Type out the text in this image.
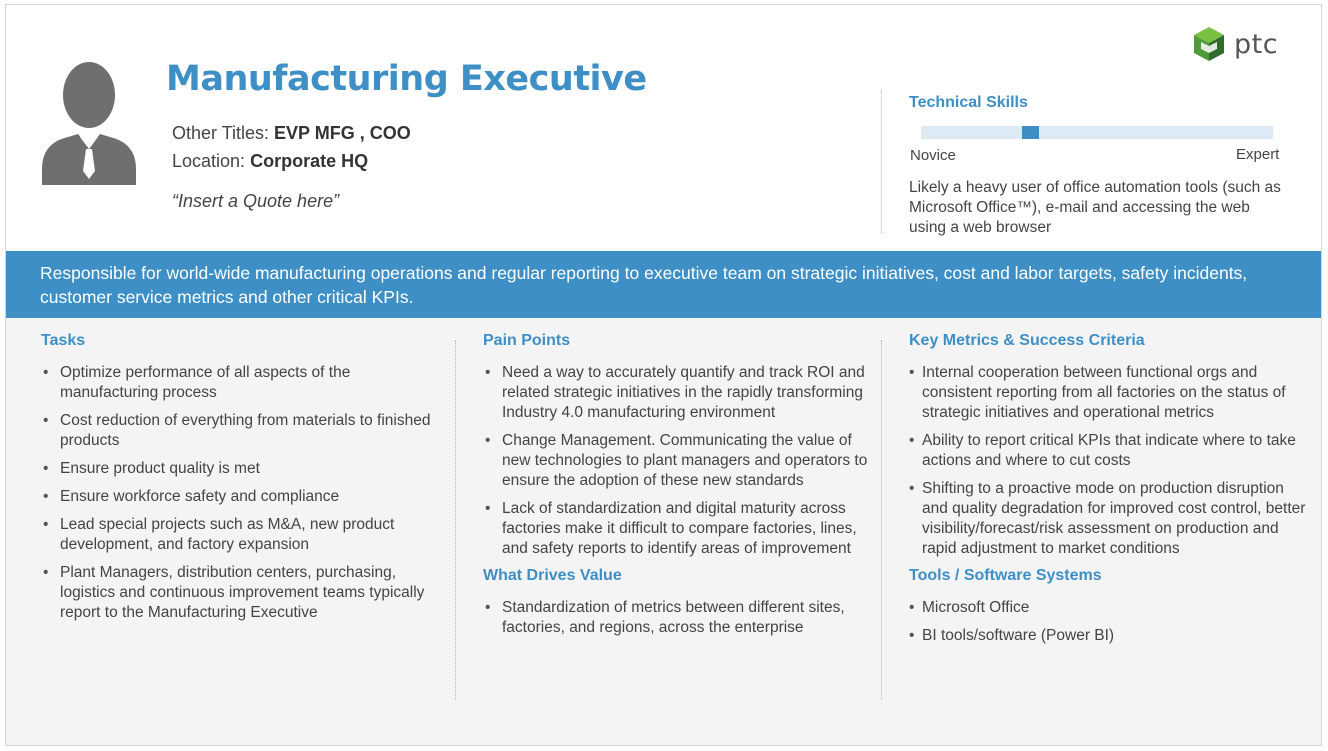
Manufacturing Executive
Other Titles: EVP MFG , COO
Location: Corporate HQ
“Insert a Quote here”
ptc
Technical Skills
Novice	Expert
Likely a heavy user of office automation tools (such as Microsoft Office™), e-mail and accessing the web using a web browser
Responsible for world-wide manufacturing operations and regular reporting to executive team on strategic initiatives, cost and labor targets, safety incidents, customer service metrics and other critical KPIs.
Tasks
• Optimize performance of all aspects of the manufacturing process
• Cost reduction of everything from materials to finished products
• Ensure product quality is met
• Ensure workforce safety and compliance
• Lead special projects such as M&A, new product development, and factory expansion
• Plant Managers, distribution centers, purchasing, logistics and continuous improvement teams typically report to the Manufacturing Executive
Pain Points
• Need a way to accurately quantify and track ROI and related strategic initiatives in the rapidly transforming Industry 4.0 manufacturing environment
• Change Management. Communicating the value of new technologies to plant managers and operators to ensure the adoption of these new standards
• Lack of standardization and digital maturity across factories make it difficult to compare factories, lines, and safety reports to identify areas of improvement
What Drives Value
• Standardization of metrics between different sites, factories, and regions, across the enterprise
Key Metrics & Success Criteria
• Internal cooperation between functional orgs and consistent reporting from all factories on the status of strategic initiatives and operational metrics
• Ability to report critical KPIs that indicate where to take actions and where to cut costs
• Shifting to a proactive mode on production disruption and quality degradation for improved cost control, better visibility/forecast/risk assessment on production and rapid adjustment to market conditions
Tools / Software Systems
• Microsoft Office
• BI tools/software (Power BI)
